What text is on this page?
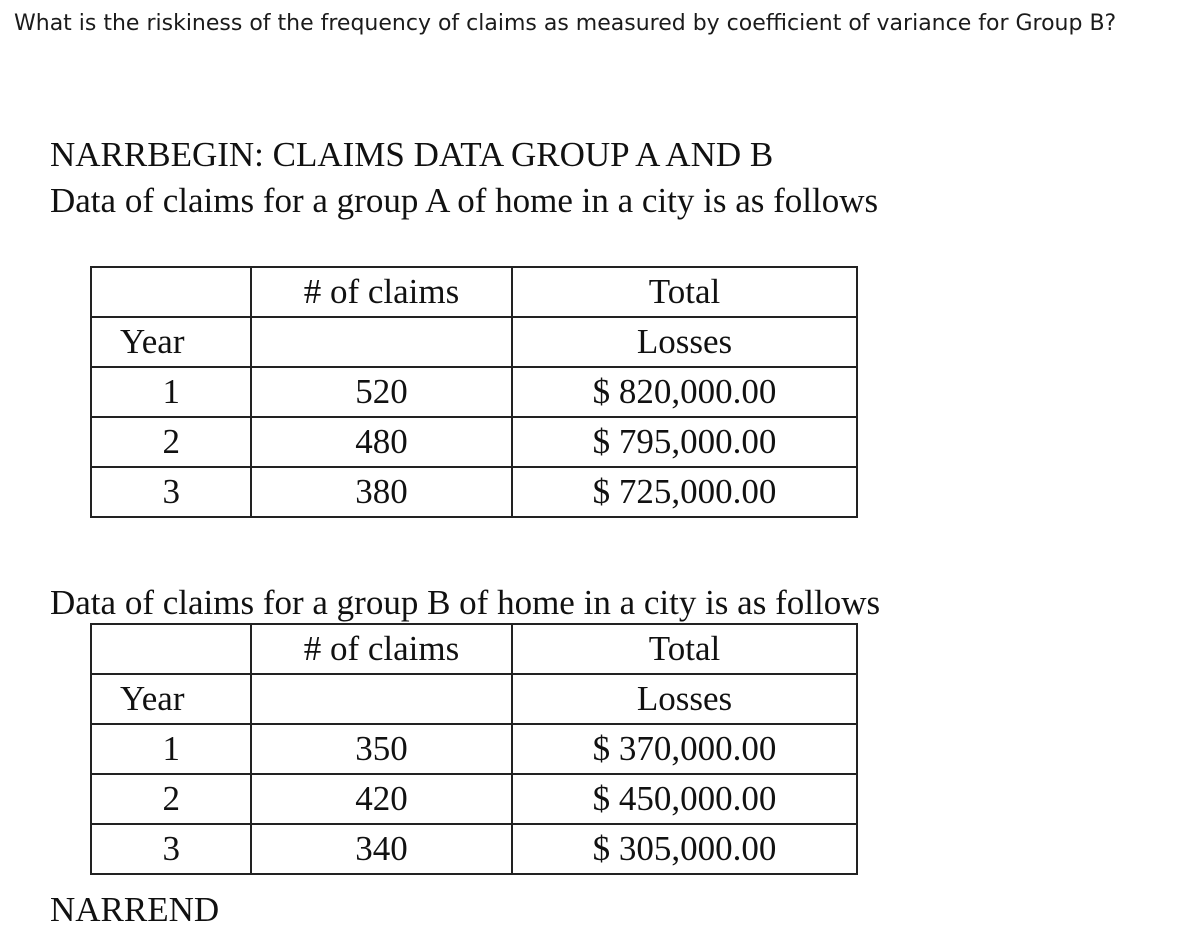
What is the riskiness of the frequency of claims as measured by coefficient of variance for Group B?
NARRBEGIN: CLAIMS DATA GROUP A AND B
Data of claims for a group A of home in a city is as follows
	# of claims	Total
Year		Losses
1	520	$ 820,000.00
2	480	$ 795,000.00
3	380	$ 725,000.00
Data of claims for a group B of home in a city is as follows
	# of claims	Total
Year		Losses
1	350	$ 370,000.00
2	420	$ 450,000.00
3	340	$ 305,000.00
NARREND
